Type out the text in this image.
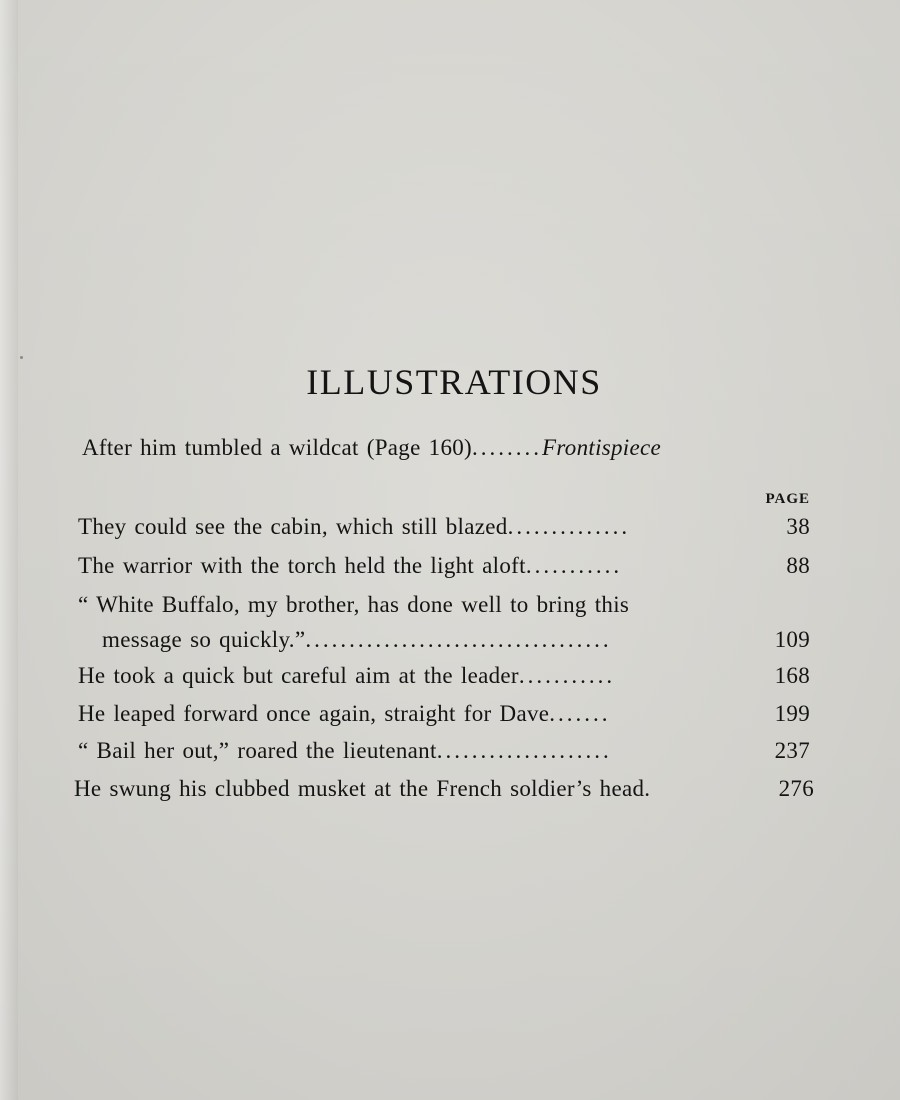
ILLUSTRATIONS
After him tumbled a wildcat (Page 160)........Frontispiece
PAGE
They could see the cabin, which still blazed..............	38
The warrior with the torch held the light aloft...........	88
“ White Buffalo, my brother, has done well to bring this
message so quickly.”...................................	109
He took a quick but careful aim at the leader...........	168
He leaped forward once again, straight for Dave.......	199
“ Bail her out,” roared the lieutenant....................	237
He swung his clubbed musket at the French soldier’s head.	276
